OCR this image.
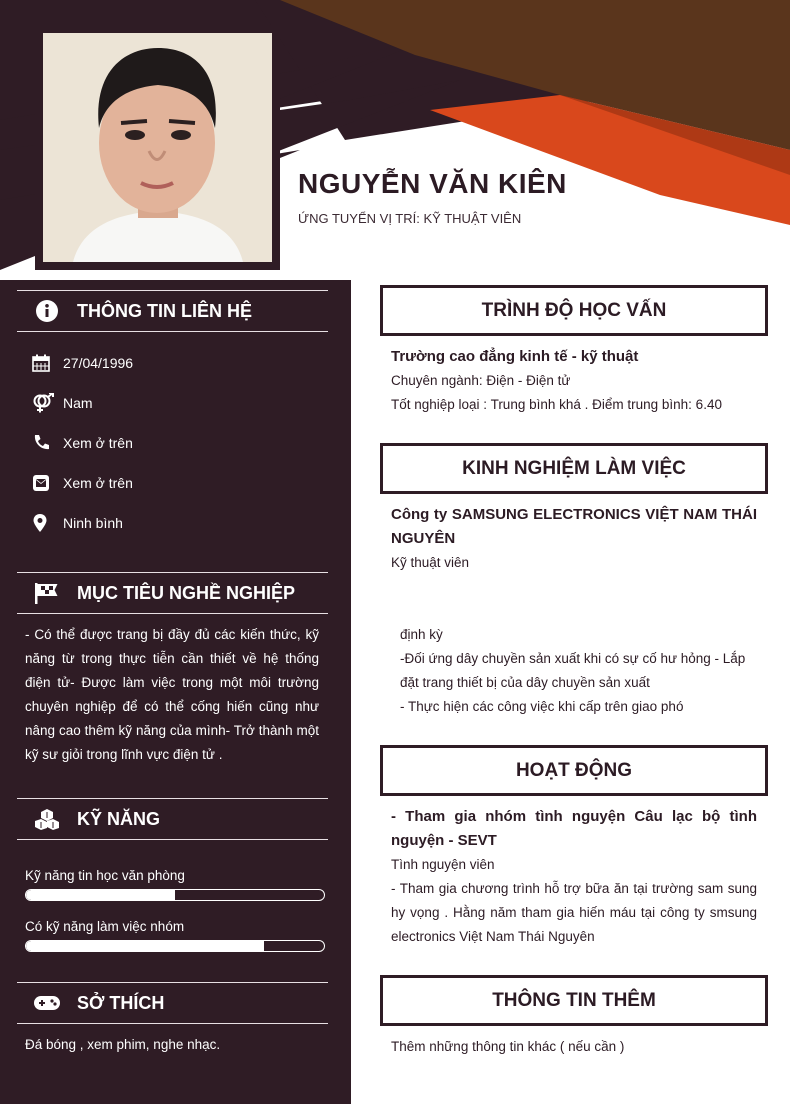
NGUYỄN VĂN KIÊN
ỨNG TUYỂN VỊ TRÍ: KỸ THUẬT VIÊN
THÔNG TIN LIÊN HỆ
27/04/1996
Nam
Xem ở trên
Xem ở trên
Ninh bình
MỤC TIÊU NGHỀ NGHIỆP
- Có thể được trang bị đầy đủ các kiến thức, kỹ năng từ trong thực tiễn cần thiết về hệ thống điện tử- Được làm việc trong một môi trường chuyên nghiệp để có thể cống hiến cũng như nâng cao thêm kỹ năng của mình- Trở thành một kỹ sư giỏi trong lĩnh vực điện tử .
KỸ NĂNG
Kỹ năng tin học văn phòng
Có kỹ năng làm việc nhóm
SỞ THÍCH
Đá bóng , xem phim, nghe nhạc.
TRÌNH ĐỘ HỌC VẤN
Trường cao đẳng kinh tế - kỹ thuật
Chuyên ngành: Điện - Điện tử
Tốt nghiệp loại : Trung bình khá . Điểm trung bình: 6.40
KINH NGHIỆM LÀM VIỆC
Công ty SAMSUNG ELECTRONICS VIỆT NAM THÁI NGUYÊN
Kỹ thuật viên
định kỳ
-Đối ứng dây chuyền sản xuất khi có sự cố hư hỏng - Lắp đặt trang thiết bị của dây chuyền sản xuất
- Thực hiện các công việc khi cấp trên giao phó
HOẠT ĐỘNG
- Tham gia nhóm tình nguyện Câu lạc bộ tình nguyện - SEVT
Tình nguyện viên
- Tham gia chương trình hỗ trợ bữa ăn tại trường sam sung hy vọng . Hằng năm tham gia hiến máu tại công ty smsung electronics Việt Nam Thái Nguyên
THÔNG TIN THÊM
Thêm những thông tin khác ( nếu cần )
